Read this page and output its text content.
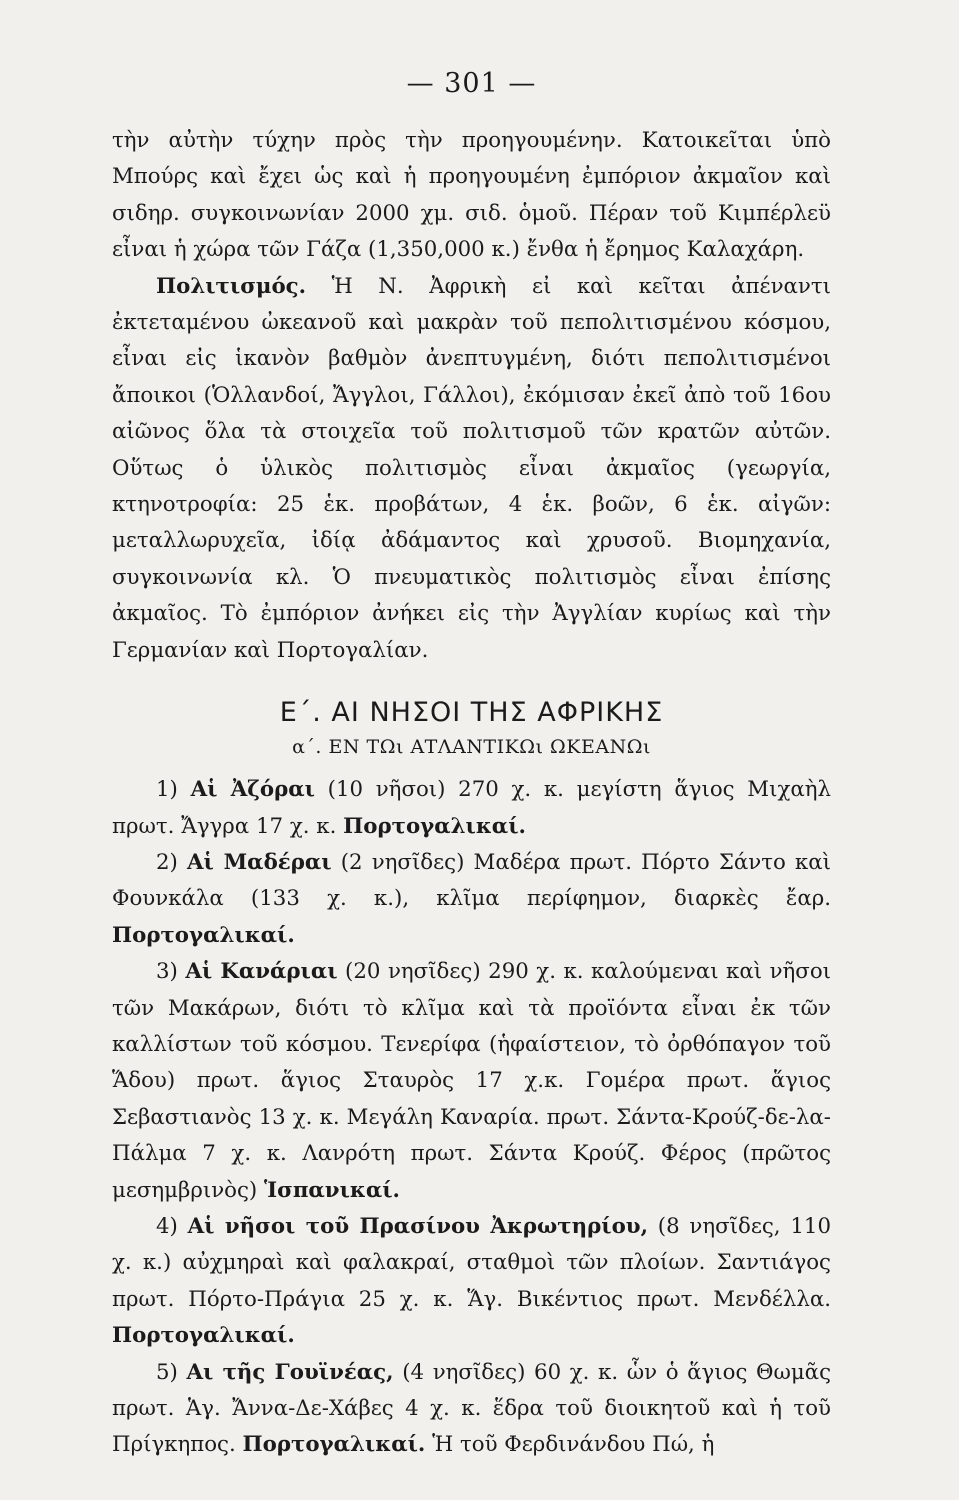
— 301 —

τὴν αὐτὴν τύχην πρὸς τὴν προηγουμένην. Κατοικεῖται ὑπὸ Μπούρς καὶ ἔχει ὡς καὶ ἡ προηγουμένη ἐμπόριον ἀκμαῖον καὶ σιδηρ. συγκοινωνίαν 2000 χμ. σιδ. ὁμοῦ. Πέραν τοῦ Κιμπέρλεϋ εἶναι ἡ χώρα τῶν Γάζα (1,350,000 κ.) ἔνθα ἡ ἔρημος Καλαχάρη.

Πολιτισμός. Ἡ Ν. Ἀφρικὴ εἰ καὶ κεῖται ἀπέναντι ἐκτεταμένου ὠκεανοῦ καὶ μακρὰν τοῦ πεπολιτισμένου κόσμου, εἶναι εἰς ἱκανὸν βαθμὸν ἀνεπτυγμένη, διότι πεπολιτισμένοι ἄποικοι (Ὁλλανδοί, Ἄγγλοι, Γάλλοι), ἐκόμισαν ἐκεῖ ἀπὸ τοῦ 16ου αἰῶνος ὅλα τὰ στοιχεῖα τοῦ πολιτισμοῦ τῶν κρατῶν αὐτῶν. Οὕτως ὁ ὑλικὸς πολιτισμὸς εἶναι ἀκμαῖος (γεωργία, κτηνοτροφία: 25 ἑκ. προβάτων, 4 ἑκ. βοῶν, 6 ἑκ. αἰγῶν: μεταλλωρυχεῖα, ἰδίᾳ ἀδάμαντος καὶ χρυσοῦ. Βιομηχανία, συγκοινωνία κλ. Ὁ πνευματικὸς πολιτισμὸς εἶναι ἐπίσης ἀκμαῖος. Τὸ ἐμπόριον ἀνήκει εἰς τὴν Ἀγγλίαν κυρίως καὶ τὴν Γερμανίαν καὶ Πορτογαλίαν.

Ε΄. ΑΙ ΝΗΣΟΙ ΤΗΣ ΑΦΡΙΚΗΣ
α΄. ΕΝ ΤΩι ΑΤΛΑΝΤΙΚΩι ΩΚΕΑΝΩι

1) Αἱ Ἀζόραι (10 νῆσοι) 270 χ. κ. μεγίστη ἅγιος Μιχαὴλ πρωτ. Ἄγγρα 17 χ. κ. Πορτογαλικαί.

2) Αἱ Μαδέραι (2 νησῖδες) Μαδέρα πρωτ. Πόρτο Σάντο καὶ Φουνκάλα (133 χ. κ.), κλῖμα περίφημον, διαρκὲς ἔαρ. Πορτογαλικαί.

3) Αἱ Κανάριαι (20 νησῖδες) 290 χ. κ. καλούμεναι καὶ νῆσοι τῶν Μακάρων, διότι τὸ κλῖμα καὶ τὰ προϊόντα εἶναι ἐκ τῶν καλλίστων τοῦ κόσμου. Τενερίφα (ἡφαίστειον, τὸ ὀρθόπαγον τοῦ Ἅδου) πρωτ. ἅγιος Σταυρὸς 17 χ.κ. Γομέρα πρωτ. ἅγιος Σεβαστιανὸς 13 χ. κ. Μεγάλη Καναρία. πρωτ. Σάντα-Κρούζ-δε-λα-Πάλμα 7 χ. κ. Λανρότη πρωτ. Σάντα Κρούζ. Φέρος (πρῶτος μεσημβρινὸς) Ἱσπανικαί.

4) Αἱ νῆσοι τοῦ Πρασίνου Ἀκρωτηρίου, (8 νησῖδες, 110 χ. κ.) αὐχμηραὶ καὶ φαλακραί, σταθμοὶ τῶν πλοίων. Σαντιάγος πρωτ. Πόρτο-Πράγια 25 χ. κ. Ἅγ. Βικέντιος πρωτ. Μενδέλλα. Πορτογαλικαί.

5) Αι τῆς Γουϊνέας, (4 νησῖδες) 60 χ. κ. ὧν ὁ ἅγιος Θωμᾶς πρωτ. Ἁγ. Ἄννα-Δε-Χάβες 4 χ. κ. ἕδρα τοῦ διοικητοῦ καὶ ἡ τοῦ Πρίγκηπος. Πορτογαλικαί. Ἡ τοῦ Φερδινάνδου Πώ, ἡ
